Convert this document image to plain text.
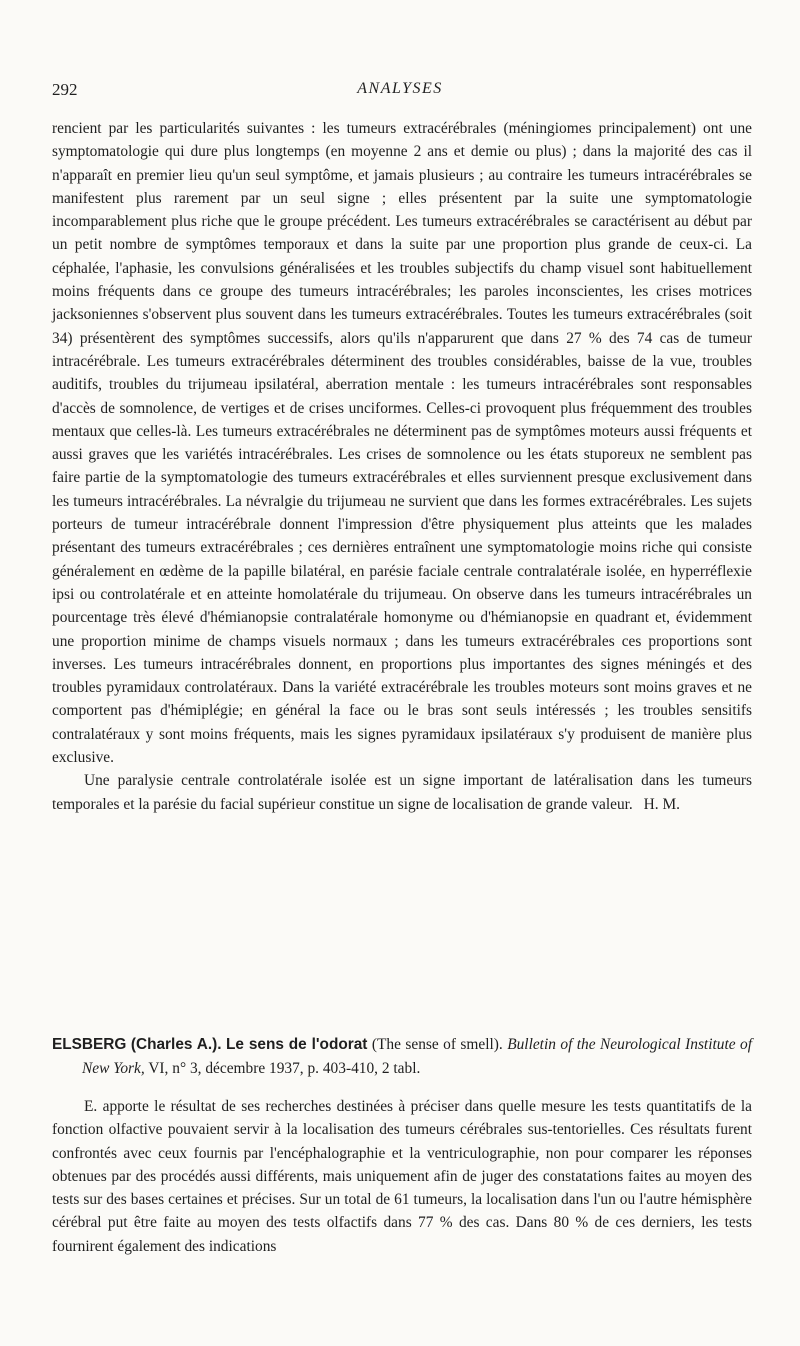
292	ANALYSES

rencient par les particularités suivantes : les tumeurs extracérébrales (méningiomes principalement) ont une symptomatologie qui dure plus longtemps (en moyenne 2 ans et demie ou plus) ; dans la majorité des cas il n'apparaît en premier lieu qu'un seul symptôme, et jamais plusieurs ; au contraire les tumeurs intracérébrales se manifestent plus rarement par un seul signe ; elles présentent par la suite une symptomatologie incomparablement plus riche que le groupe précédent. Les tumeurs extracérébrales se caractérisent au début par un petit nombre de symptômes temporaux et dans la suite par une proportion plus grande de ceux-ci. La céphalée, l'aphasie, les convulsions généralisées et les troubles subjectifs du champ visuel sont habituellement moins fréquents dans ce groupe des tumeurs intracérébrales; les paroles inconscientes, les crises motrices jacksoniennes s'observent plus souvent dans les tumeurs extracérébrales. Toutes les tumeurs extracérébrales (soit 34) présentèrent des symptômes successifs, alors qu'ils n'apparurent que dans 27 % des 74 cas de tumeur intracérébrale. Les tumeurs extracérébrales déterminent des troubles considérables, baisse de la vue, troubles auditifs, troubles du trijumeau ipsilatéral, aberration mentale : les tumeurs intracérébrales sont responsables d'accès de somnolence, de vertiges et de crises unciformes. Celles-ci provoquent plus fréquemment des troubles mentaux que celles-là. Les tumeurs extracérébrales ne déterminent pas de symptômes moteurs aussi fréquents et aussi graves que les variétés intracérébrales. Les crises de somnolence ou les états stuporeux ne semblent pas faire partie de la symptomatologie des tumeurs extracérébrales et elles surviennent presque exclusivement dans les tumeurs intracérébrales. La névralgie du trijumeau ne survient que dans les formes extracérébrales. Les sujets porteurs de tumeur intracérébrale donnent l'impression d'être physiquement plus atteints que les malades présentant des tumeurs extracérébrales ; ces dernières entraînent une symptomatologie moins riche qui consiste généralement en œdème de la papille bilatéral, en parésie faciale centrale contralatérale isolée, en hyperréflexie ipsi ou controlatérale et en atteinte homolatérale du trijumeau. On observe dans les tumeurs intracérébrales un pourcentage très élevé d'hémianopsie contralatérale homonyme ou d'hémianopsie en quadrant et, évidemment une proportion minime de champs visuels normaux ; dans les tumeurs extracérébrales ces proportions sont inverses. Les tumeurs intracérébrales donnent, en proportions plus importantes des signes méningés et des troubles pyramidaux controlatéraux. Dans la variété extracérébrale les troubles moteurs sont moins graves et ne comportent pas d'hémiplégie; en général la face ou le bras sont seuls intéressés ; les troubles sensitifs contralatéraux y sont moins fréquents, mais les signes pyramidaux ipsilatéraux s'y produisent de manière plus exclusive.

Une paralysie centrale controlatérale isolée est un signe important de latéralisation dans les tumeurs temporales et la parésie du facial supérieur constitue un signe de localisation de grande valeur. H. M.

ELSBERG (Charles A.). Le sens de l'odorat (The sense of smell). Bulletin of the Neurological Institute of New York, VI, n° 3, décembre 1937, p. 403-410, 2 tabl.

E. apporte le résultat de ses recherches destinées à préciser dans quelle mesure les tests quantitatifs de la fonction olfactive pouvaient servir à la localisation des tumeurs cérébrales sus-tentorielles. Ces résultats furent confrontés avec ceux fournis par l'encéphalographie et la ventriculographie, non pour comparer les réponses obtenues par des procédés aussi différents, mais uniquement afin de juger des constatations faites au moyen des tests sur des bases certaines et précises. Sur un total de 61 tumeurs, la localisation dans l'un ou l'autre hémisphère cérébral put être faite au moyen des tests olfactifs dans 77 % des cas. Dans 80 % de ces derniers, les tests fournirent également des indications
